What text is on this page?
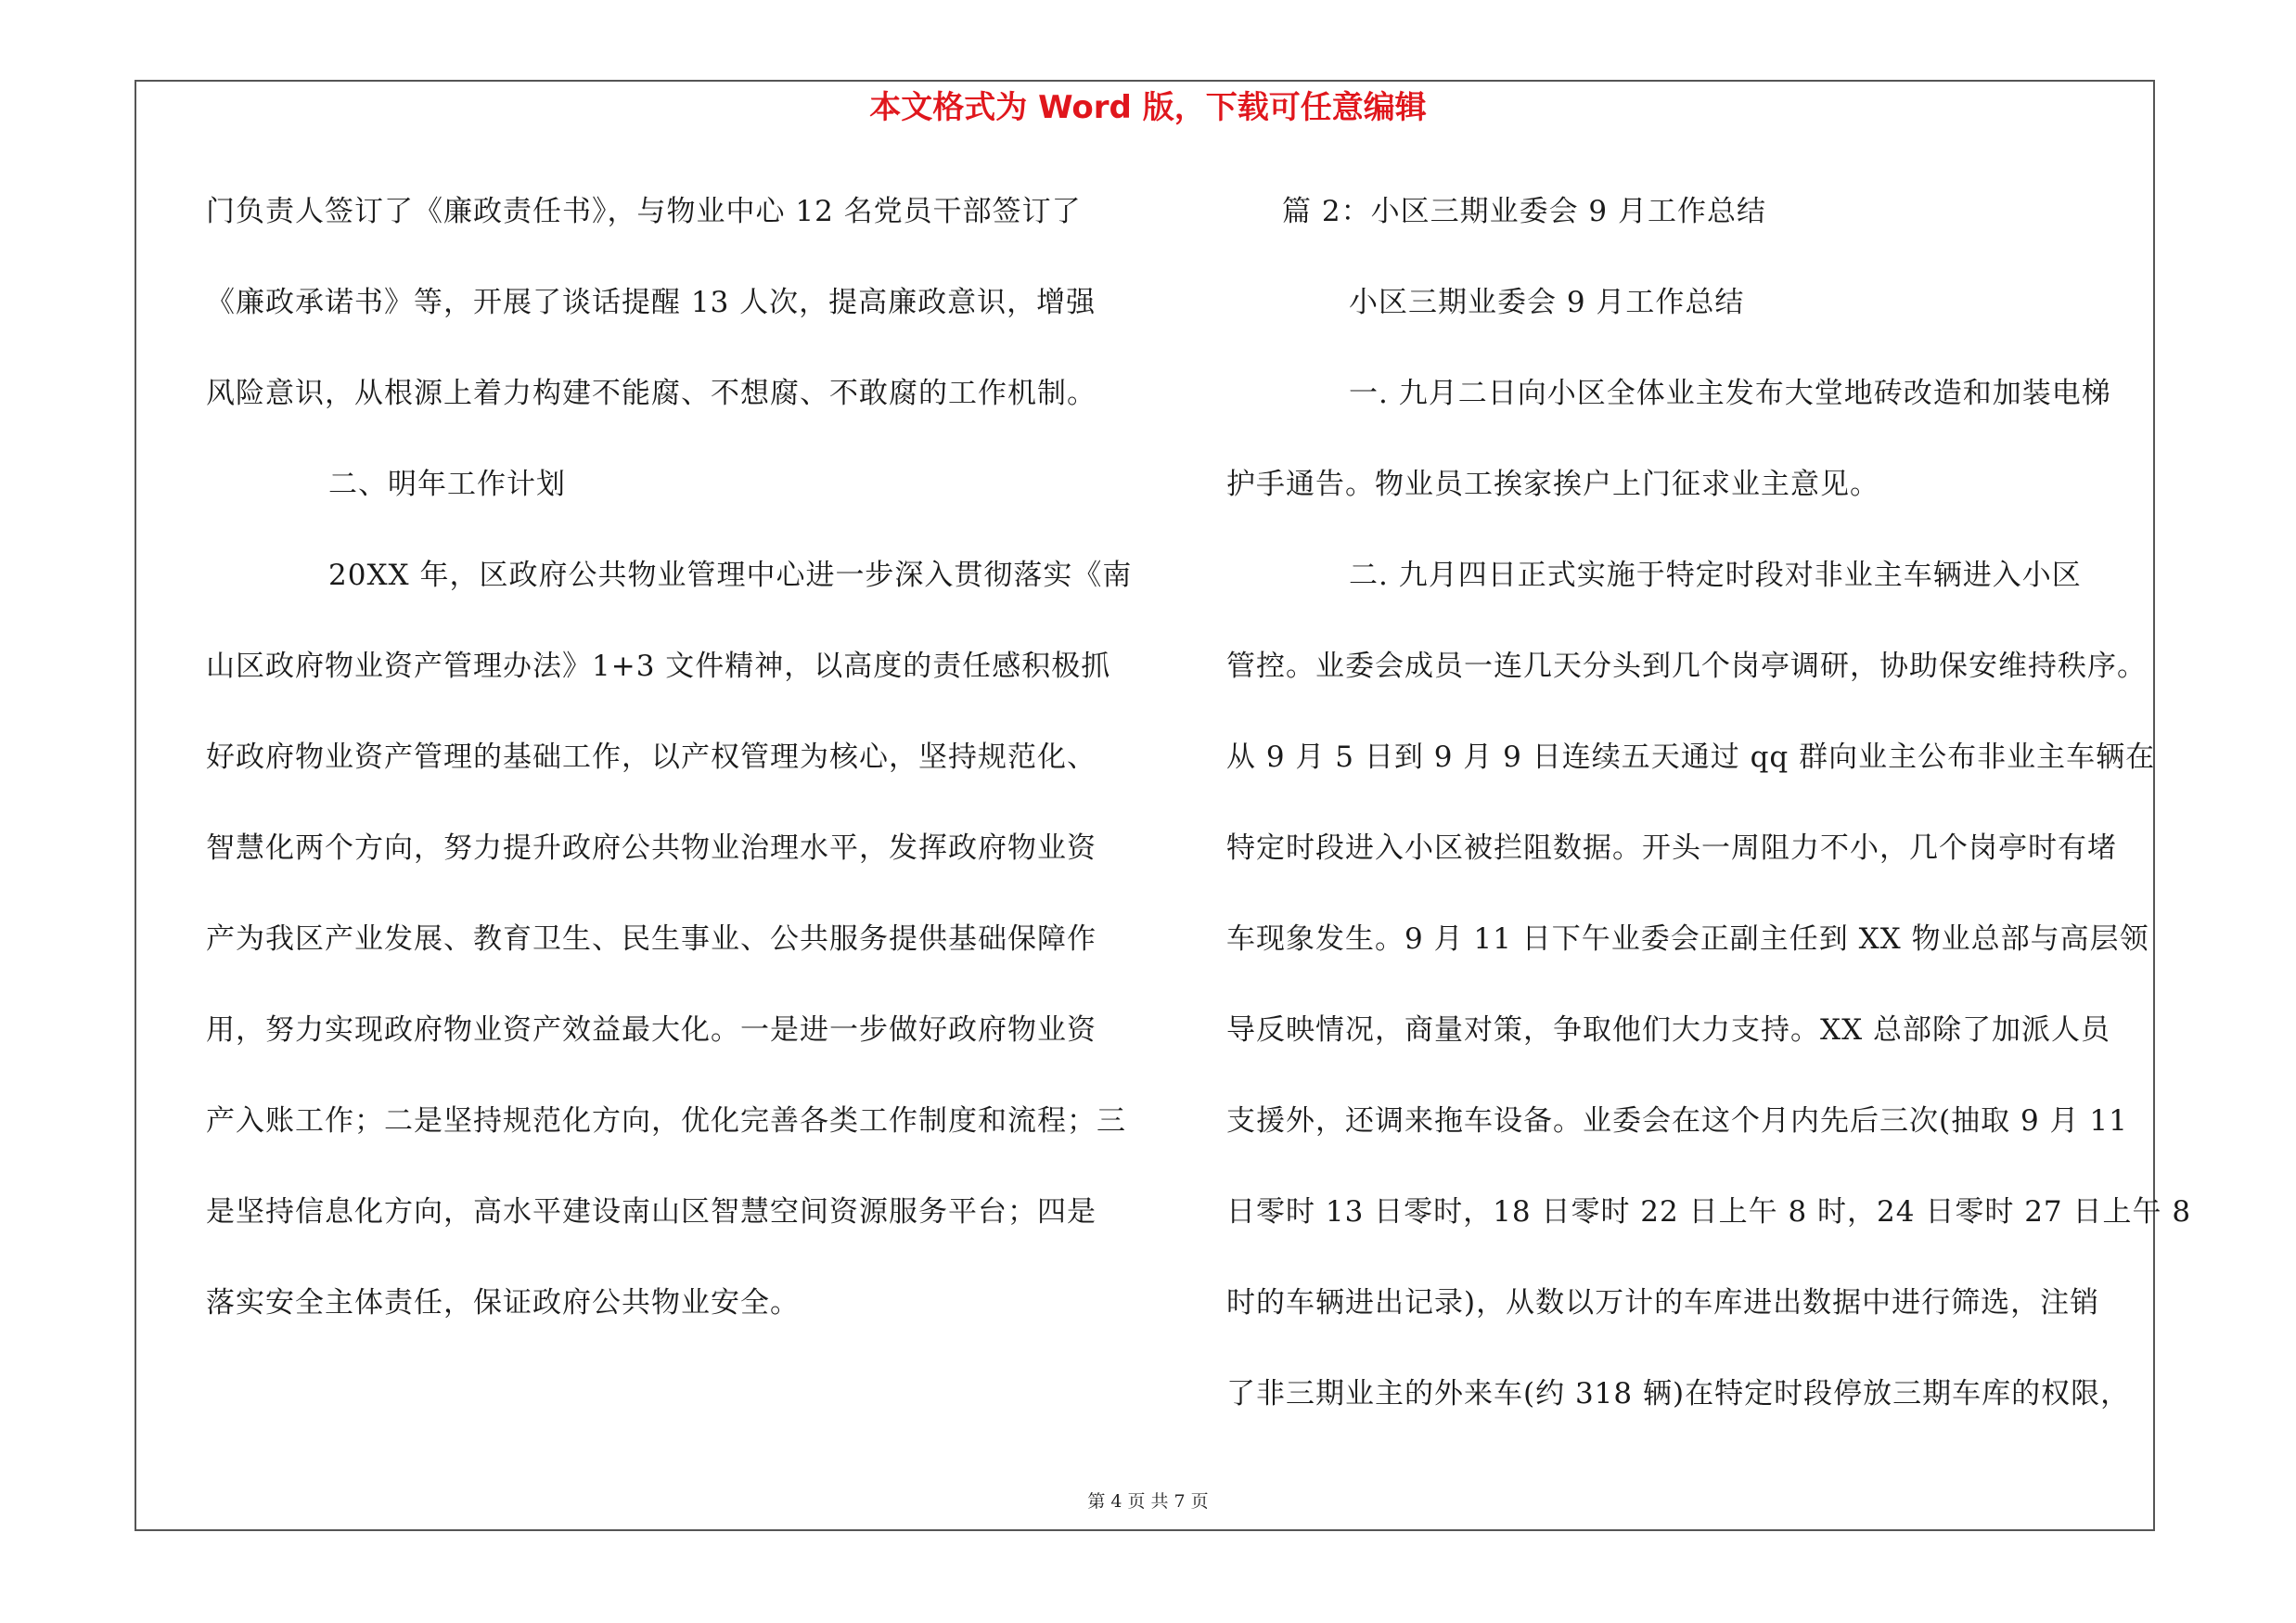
本文格式为 Word 版，下载可任意编辑
门负责人签订了《廉政责任书》，与物业中心 12 名党员干部签订了
《廉政承诺书》等，开展了谈话提醒 13 人次，提高廉政意识，增强
风险意识，从根源上着力构建不能腐、不想腐、不敢腐的工作机制。
二、明年工作计划
20XX 年，区政府公共物业管理中心进一步深入贯彻落实《南
山区政府物业资产管理办法》1+3 文件精神，以高度的责任感积极抓
好政府物业资产管理的基础工作，以产权管理为核心，坚持规范化、
智慧化两个方向，努力提升政府公共物业治理水平，发挥政府物业资
产为我区产业发展、教育卫生、民生事业、公共服务提供基础保障作
用，努力实现政府物业资产效益最大化。一是进一步做好政府物业资
产入账工作；二是坚持规范化方向，优化完善各类工作制度和流程；三
是坚持信息化方向，高水平建设南山区智慧空间资源服务平台；四是
落实安全主体责任，保证政府公共物业安全。
篇 2：小区三期业委会 9 月工作总结
小区三期业委会 9 月工作总结
一. 九月二日向小区全体业主发布大堂地砖改造和加装电梯
护手通告。物业员工挨家挨户上门征求业主意见。
二. 九月四日正式实施于特定时段对非业主车辆进入小区
管控。业委会成员一连几天分头到几个岗亭调研，协助保安维持秩序。
从 9 月 5 日到 9 月 9 日连续五天通过 qq 群向业主公布非业主车辆在
特定时段进入小区被拦阻数据。开头一周阻力不小，几个岗亭时有堵
车现象发生。9 月 11 日下午业委会正副主任到 XX 物业总部与高层领
导反映情况，商量对策，争取他们大力支持。XX 总部除了加派人员
支援外，还调来拖车设备。业委会在这个月内先后三次(抽取 9 月 11
日零时 13 日零时，18 日零时 22 日上午 8 时，24 日零时 27 日上午 8
时的车辆进出记录)，从数以万计的车库进出数据中进行筛选，注销
了非三期业主的外来车(约 318 辆)在特定时段停放三期车库的权限，
第 4 页 共 7 页
